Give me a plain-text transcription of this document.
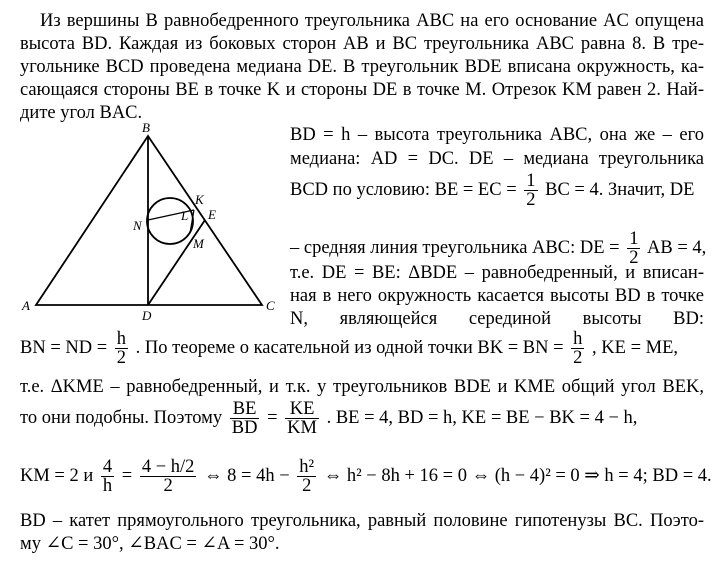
Из вершины B равнобедренного треугольника ABC на его основание AC опущена
высота BD. Каждая из боковых сторон AB и BC треугольника ABC равна 8. В тре-
угольнике BCD проведена медиана DE. В треугольник BDE вписана окружность, ка-
сающаяся стороны BE в точке K и стороны DE в точке M. Отрезок KM равен 2. Най-
дите угол BAC.
A
B
C
D
E
K
L
M
N
BD = h – высота треугольника ABC, она же – его
медиана: AD = DC. DE – медиана треугольника
BCD по условию: BE = EC = $\frac{1}{2}$ BC = 4. Значит, DE
– средняя линия треугольника ABC: DE = $\frac{1}{2}$ AB = 4,
т.е. DE = BE: ΔBDE – равнобедренный, и вписан-
ная в него окружность касается высоты BD в точке
N, являющейся серединой высоты BD:
BN = ND = $\frac{h}{2}$ . По теореме о касательной из одной точки BK = BN = $\frac{h}{2}$ , KE = ME,
т.е. ΔKME – равнобедренный, и т.к. у треугольников BDE и KME общий угол BEK,
то они подобны. Поэтому $\frac{BE}{BD} = \frac{KE}{KM}$ . BE = 4, BD = h, KE = BE − BK = 4 − h,
KM = 2 и $\frac{4}{h} = \frac{4 - h/2}{2}$ ⇔ $8 = 4h - \frac{\text{h²}}{2}$ ⇔ h² − 8h + 16 = 0 ⇔ (h − 4)² = 0 ⇒ h = 4; BD = 4.
BD – катет прямоугольного треугольника, равный половине гипотенузы BC. Поэто-
му ∠C = 30°, ∠BAC = ∠A = 30°.
